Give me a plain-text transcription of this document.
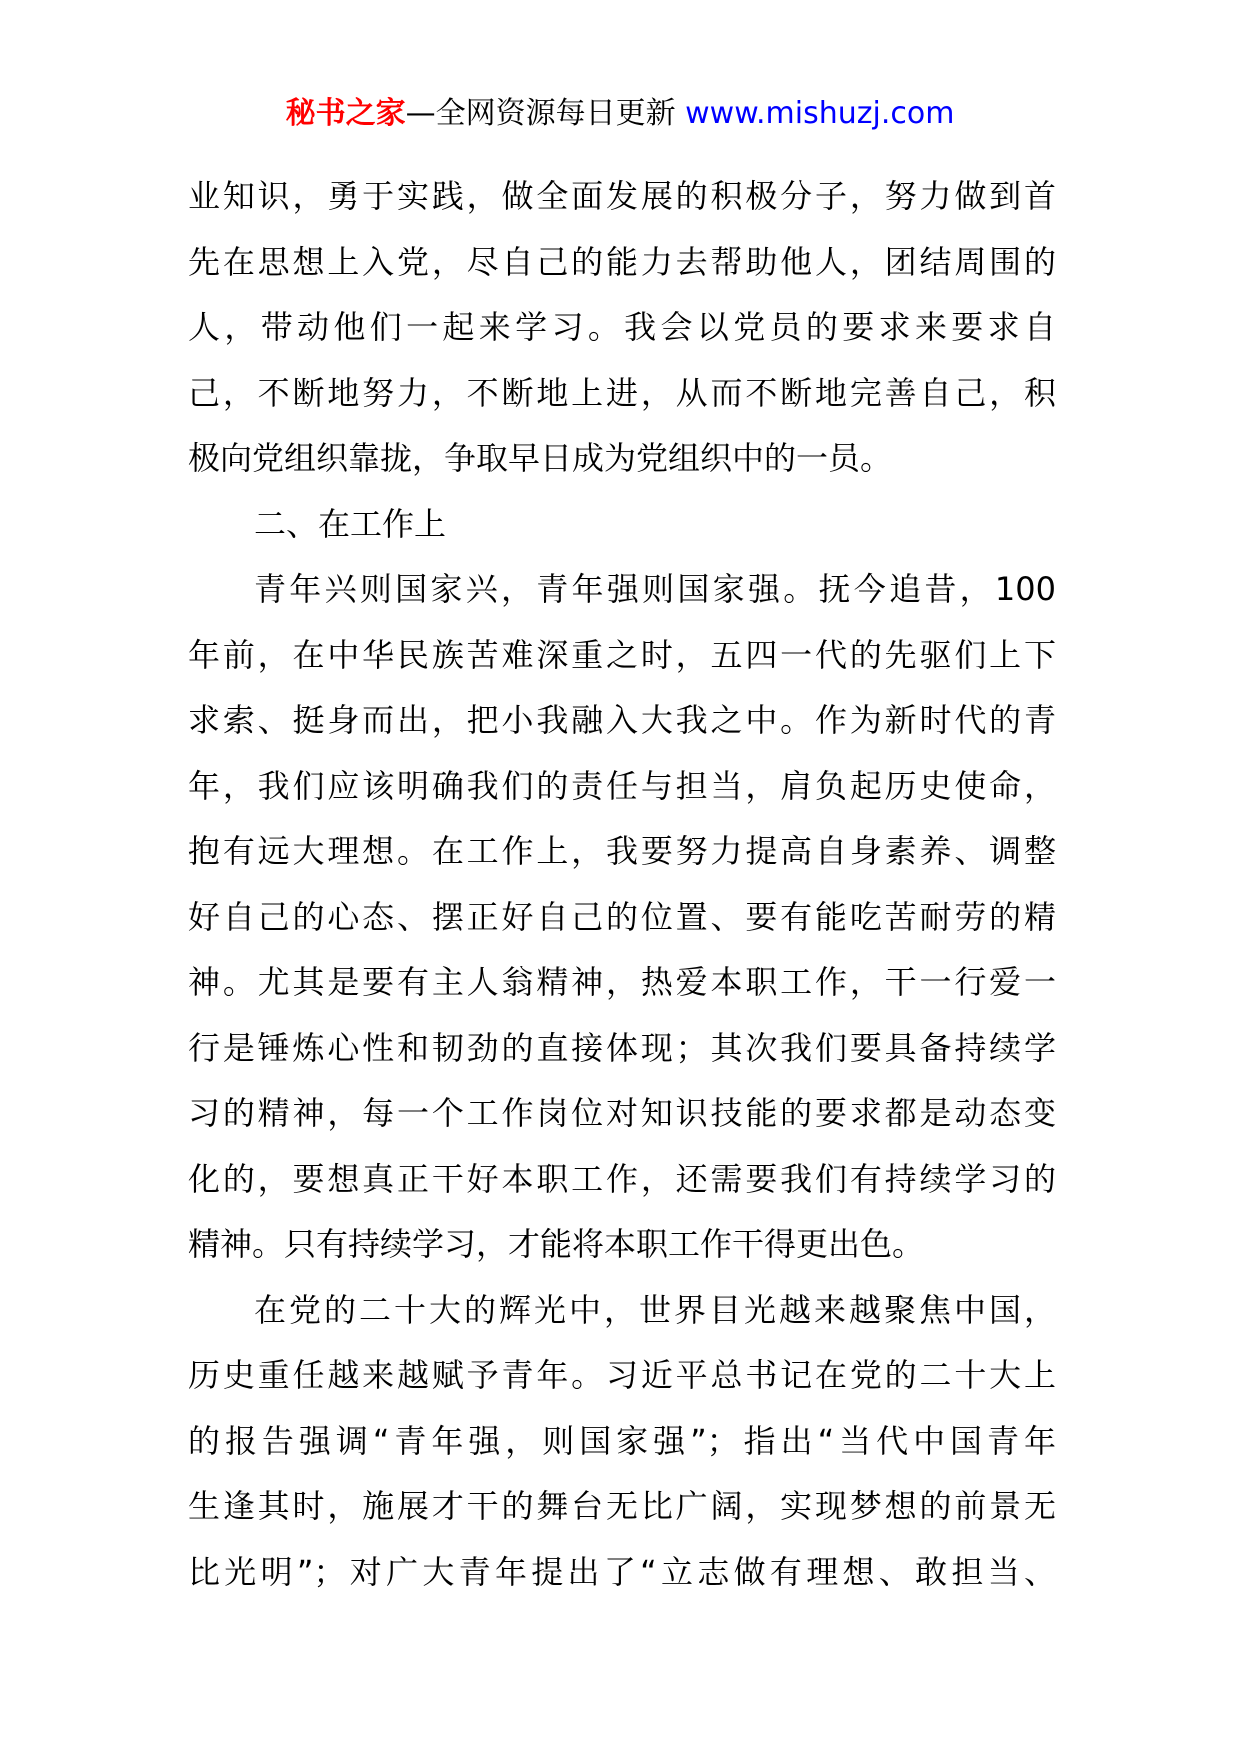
秘书之家—全网资源每日更新 www.mishuzj.com
业知识，勇于实践，做全面发展的积极分子，努力做到首
先在思想上入党，尽自己的能力去帮助他人，团结周围的
人，带动他们一起来学习。我会以党员的要求来要求自
己，不断地努力，不断地上进，从而不断地完善自己，积
极向党组织靠拢，争取早日成为党组织中的一员。
二、在工作上
青年兴则国家兴，青年强则国家强。抚今追昔，100
年前，在中华民族苦难深重之时，五四一代的先驱们上下
求索、挺身而出，把小我融入大我之中。作为新时代的青
年，我们应该明确我们的责任与担当，肩负起历史使命，
抱有远大理想。在工作上，我要努力提高自身素养、调整
好自己的心态、摆正好自己的位置、要有能吃苦耐劳的精
神。尤其是要有主人翁精神，热爱本职工作，干一行爱一
行是锤炼心性和韧劲的直接体现；其次我们要具备持续学
习的精神，每一个工作岗位对知识技能的要求都是动态变
化的，要想真正干好本职工作，还需要我们有持续学习的
精神。只有持续学习，才能将本职工作干得更出色。
在党的二十大的辉光中，世界目光越来越聚焦中国，
历史重任越来越赋予青年。习近平总书记在党的二十大上
的报告强调“青年强，则国家强”；指出“当代中国青年
生逢其时，施展才干的舞台无比广阔，实现梦想的前景无
比光明”；对广大青年提出了“立志做有理想、敢担当、
